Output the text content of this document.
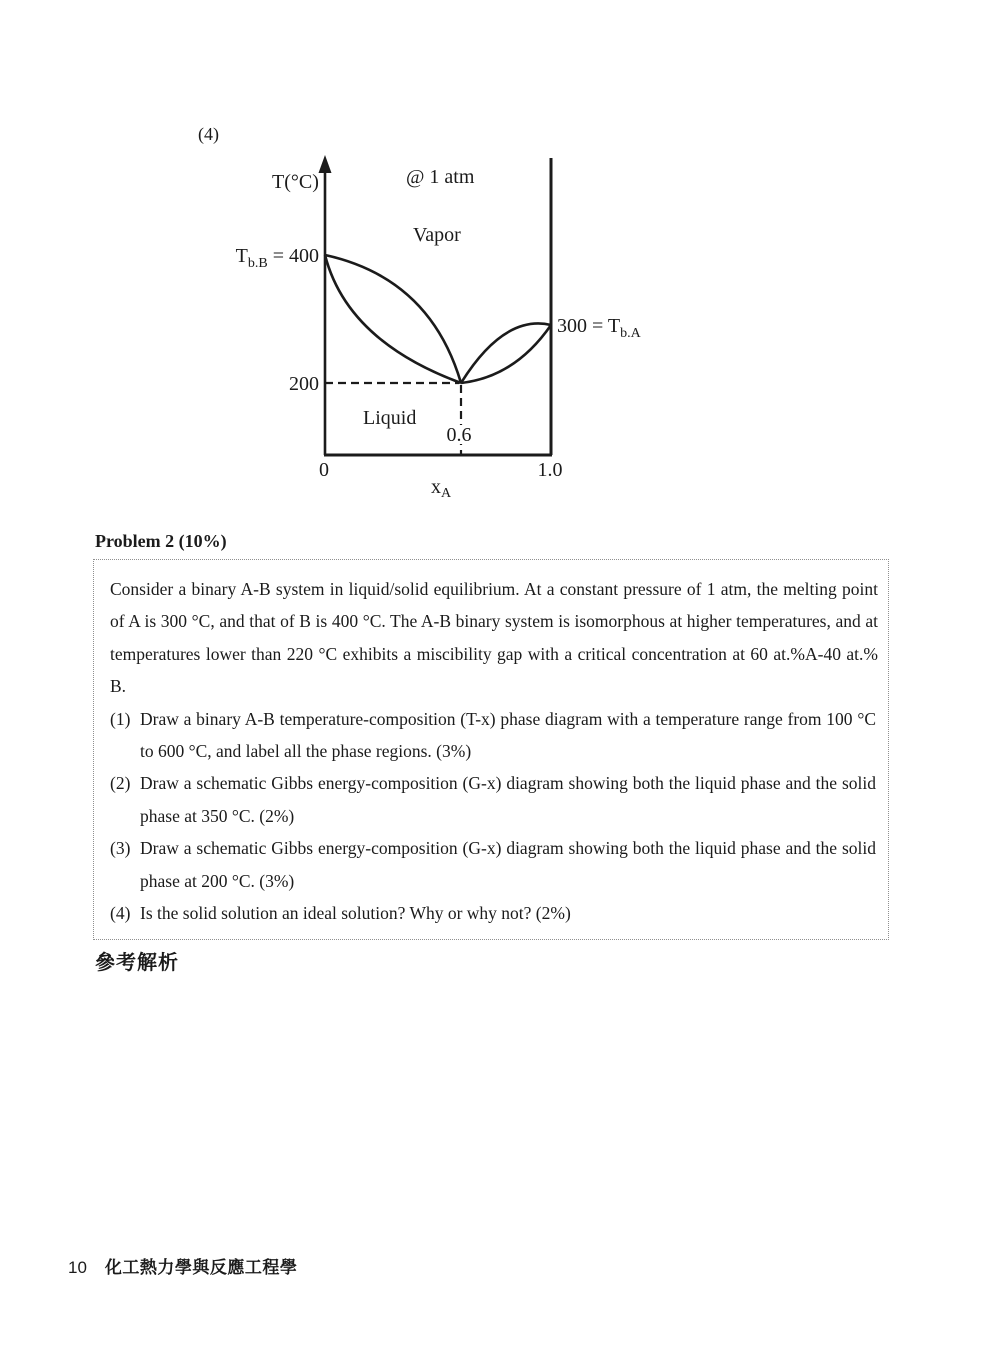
(4)
T(°C)	@ 1 atm
Vapor
Liquid
$T_{b.B} = 400$
$300 = T_{b.A}$
200
0.6
0	1.0
$x_A$
Problem 2 (10%)

Consider a binary A-B system in liquid/solid equilibrium. At a constant pressure of 1 atm, the melting point of A is 300 °C, and that of B is 400 °C. The A-B binary system is isomorphous at higher temperatures, and at temperatures lower than 220 °C exhibits a miscibility gap with a critical concentration at 60 at.%A-40 at.% B.

(1) Draw a binary A-B temperature-composition (T-x) phase diagram with a temperature range from 100 °C to 600 °C, and label all the phase regions. (3%)
(2) Draw a schematic Gibbs energy-composition (G-x) diagram showing both the liquid phase and the solid phase at 350 °C. (2%)
(3) Draw a schematic Gibbs energy-composition (G-x) diagram showing both the liquid phase and the solid phase at 200 °C. (3%)
(4) Is the solid solution an ideal solution? Why or why not? (2%)
參考解析
10 化工熱力學與反應工程學
